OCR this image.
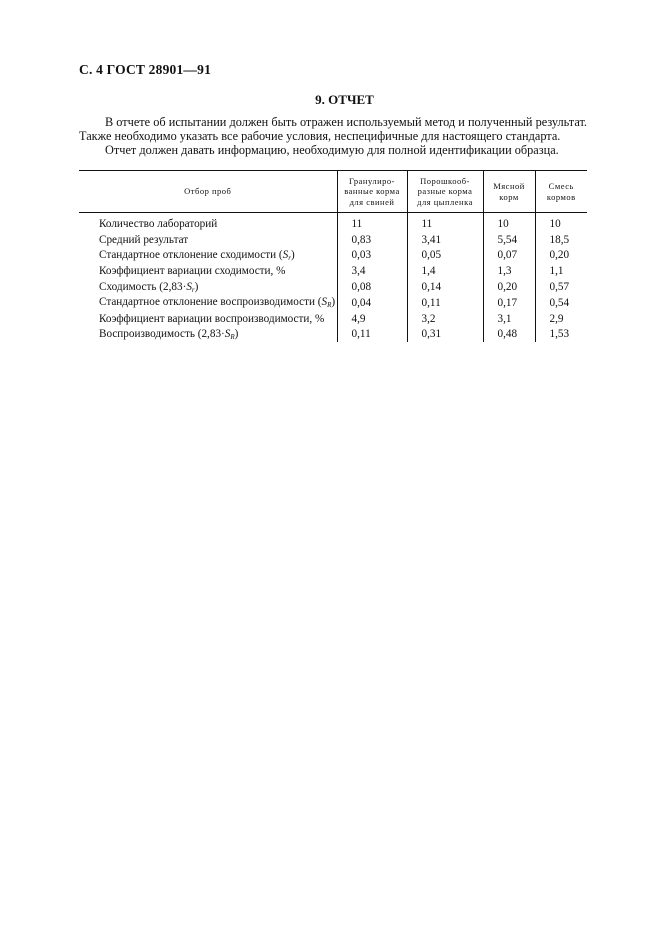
С. 4 ГОСТ 28901—91
9. ОТЧЕТ

В отчете об испытании должен быть отражен используемый метод и полученный результат. Также необходимо указать все рабочие условия, неспецифичные для настоящего стандарта.

Отчет должен давать информацию, необходимую для полной идентификации образца.

Отбор проб	Гранулиро-ванные корма для свиней	Порошкооб-разные корма для цыпленка	Мясной корм	Смесь кормов
Количество лабораторий	11	11	10	10
Средний результат	0,83	3,41	5,54	18,5
Стандартное отклонение сходимости $(S_r)$	0,03	0,05	0,07	0,20
Коэффициент вариации сходимости, %	3,4	1,4	1,3	1,1
Сходимость $(2,83\cdot S_r)$	0,08	0,14	0,20	0,57
Стандартное отклонение воспроизводимости $(S_R)$	0,04	0,11	0,17	0,54
Коэффициент вариации воспроизводимости, %	4,9	3,2	3,1	2,9
Воспроизводимость $(2,83\cdot S_R)$	0,11	0,31	0,48	1,53
